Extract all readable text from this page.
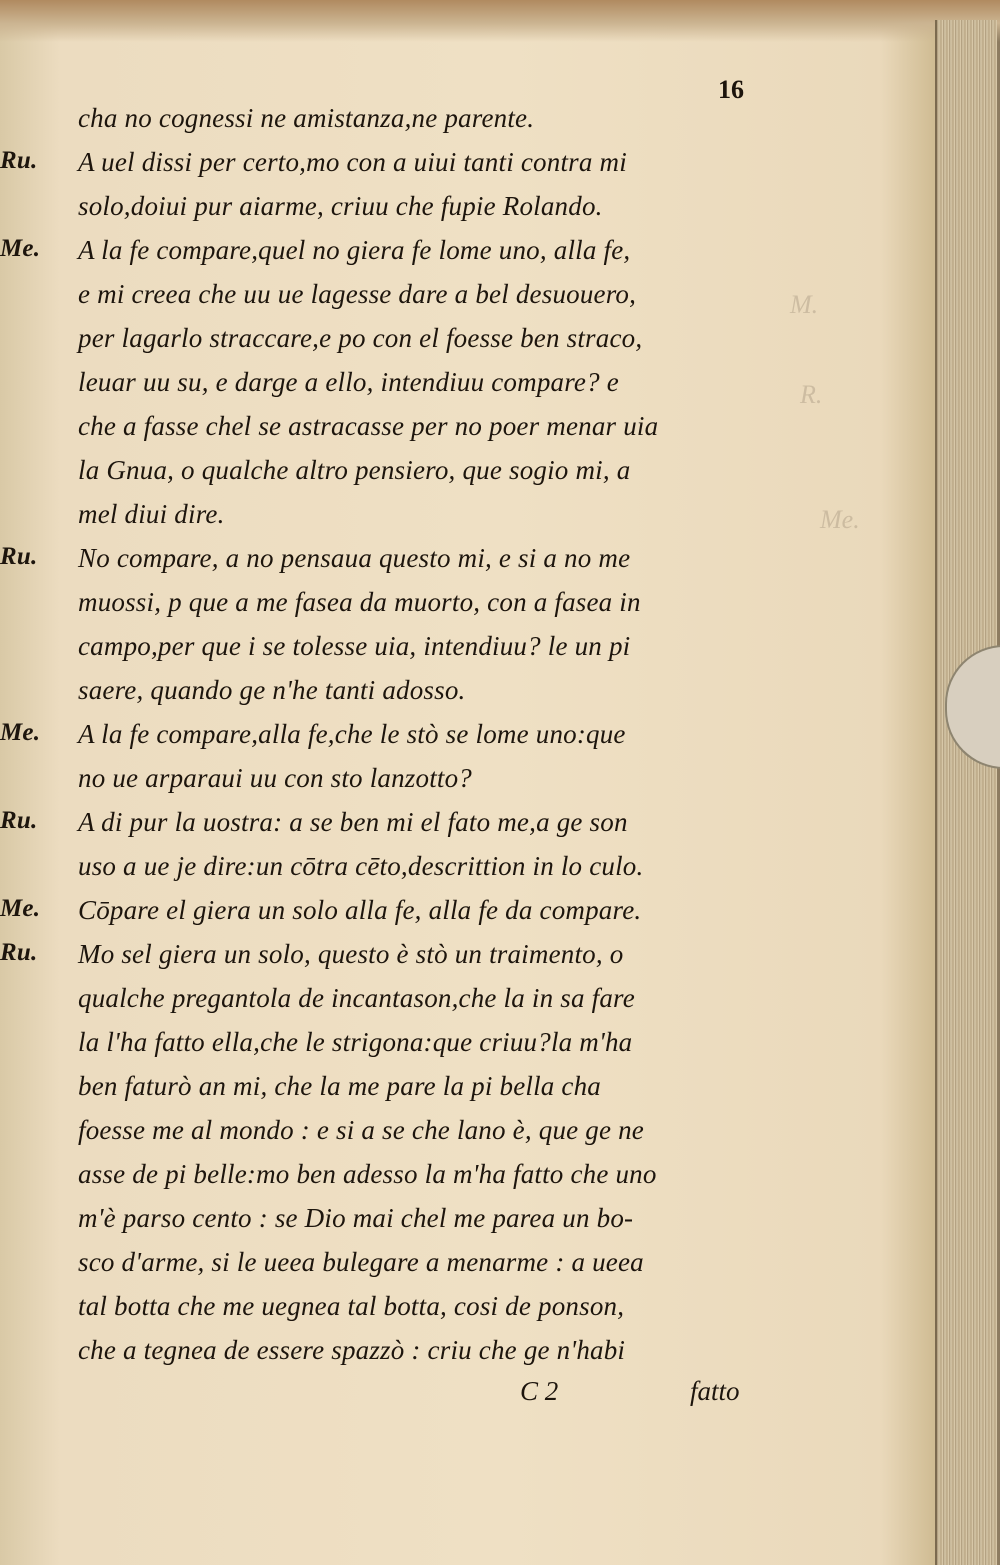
M.
R.
Me.
16
cha no cognessi ne amistanza,ne parente.
Ru. A uel dissi per certo,mo con a uiui tanti contra mi
solo,doiui pur aiarme, criuu che fupie Rolando.
Me. A la fe compare,quel no giera fe lome uno, alla fe,
e mi creea che uu ue lagesse dare a bel desuouero,
per lagarlo straccare,e po con el foesse ben straco,
leuar uu su, e darge a ello, intendiuu compare? e
che a fasse chel se astracasse per no poer menar uia
la Gnua, o qualche altro pensiero, que sogio mi, a
mel diui dire.
Ru. No compare, a no pensaua questo mi, e si a no me
muossi, p que a me fasea da muorto, con a fasea in
campo,per que i se tolesse uia, intendiuu? le un pi
saere, quando ge n'he tanti adosso.
Me. A la fe compare,alla fe,che le stò se lome uno:que
no ue arparaui uu con sto lanzotto?
Ru. A di pur la uostra: a se ben mi el fato me,a ge son
uso a ue je dire:un cōtra cēto,descrittion in lo culo.
Me. Cōpare el giera un solo alla fe, alla fe da compare.
Ru. Mo sel giera un solo, questo è stò un traimento, o
qualche pregantola de incantason,che la in sa fare
la l'ha fatto ella,che le strigona:que criuu?la m'ha
ben faturò an mi, che la me pare la pi bella cha
foesse me al mondo : e si a se che lano è, que ge ne
asse de pi belle:mo ben adesso la m'ha fatto che uno
m'è parso cento : se Dio mai chel me parea un bo-
sco d'arme, si le ueea bulegare a menarme : a ueea
tal botta che me uegnea tal botta, cosi de ponson,
che a tegnea de essere spazzò : criu che ge n'habi
C 2	fatto
